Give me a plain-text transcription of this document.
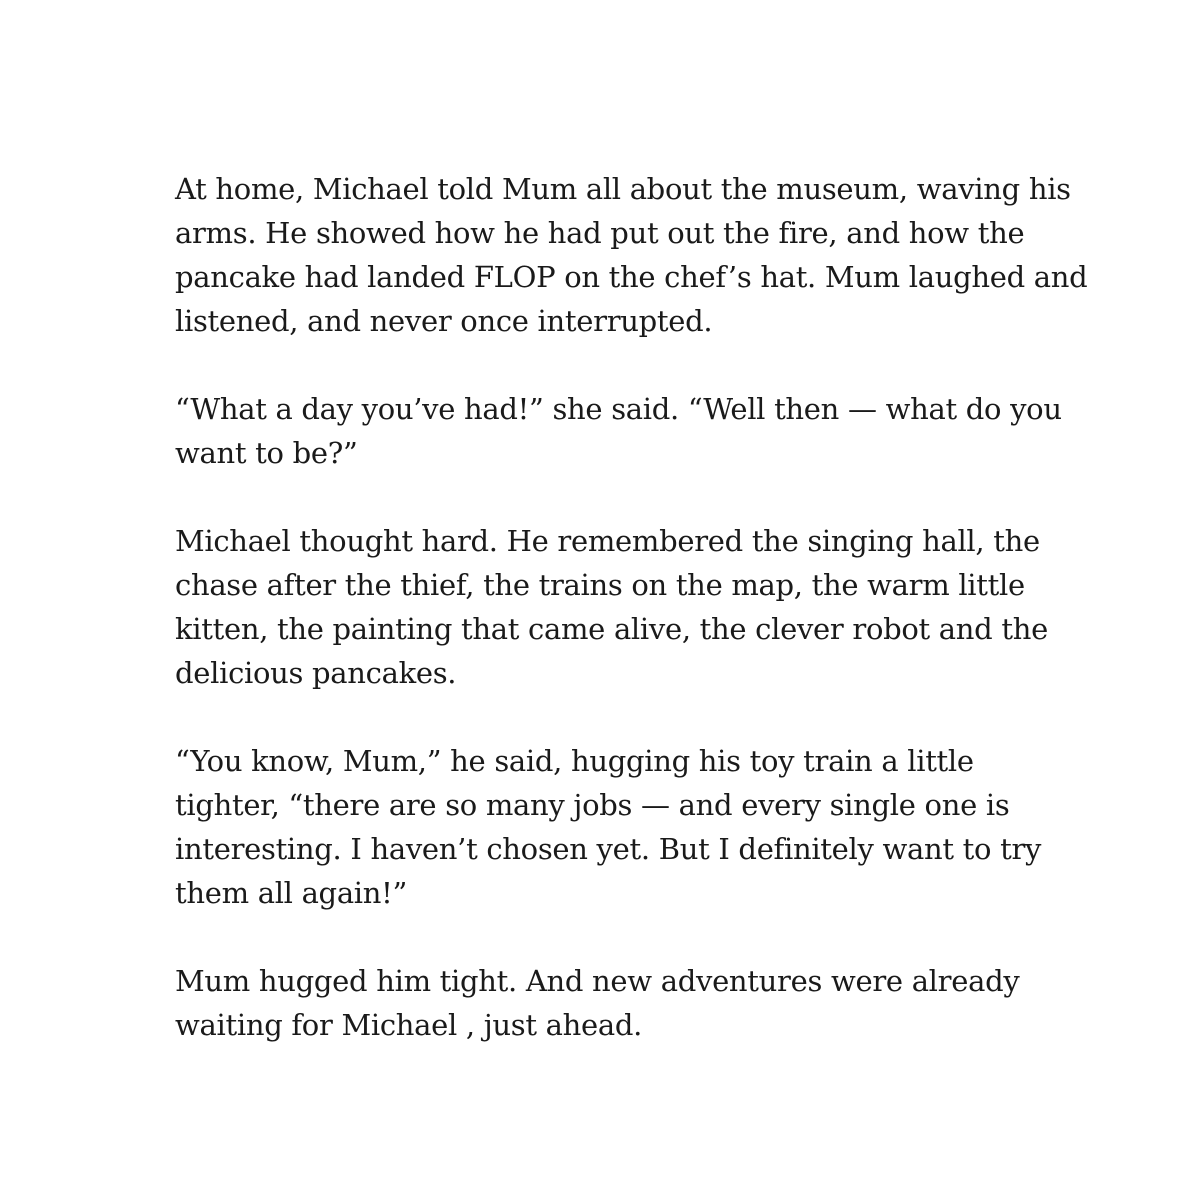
At home, Michael told Mum all about the museum, waving his
arms. He showed how he had put out the fire, and how the
pancake had landed FLOP on the chef’s hat. Mum laughed and
listened, and never once interrupted.

“What a day you’ve had!” she said. “Well then — what do you
want to be?”

Michael thought hard. He remembered the singing hall, the
chase after the thief, the trains on the map, the warm little
kitten, the painting that came alive, the clever robot and the
delicious pancakes.

“You know, Mum,” he said, hugging his toy train a little
tighter, “there are so many jobs — and every single one is
interesting. I haven’t chosen yet. But I definitely want to try
them all again!”

Mum hugged him tight. And new adventures were already
waiting for Michael , just ahead.
